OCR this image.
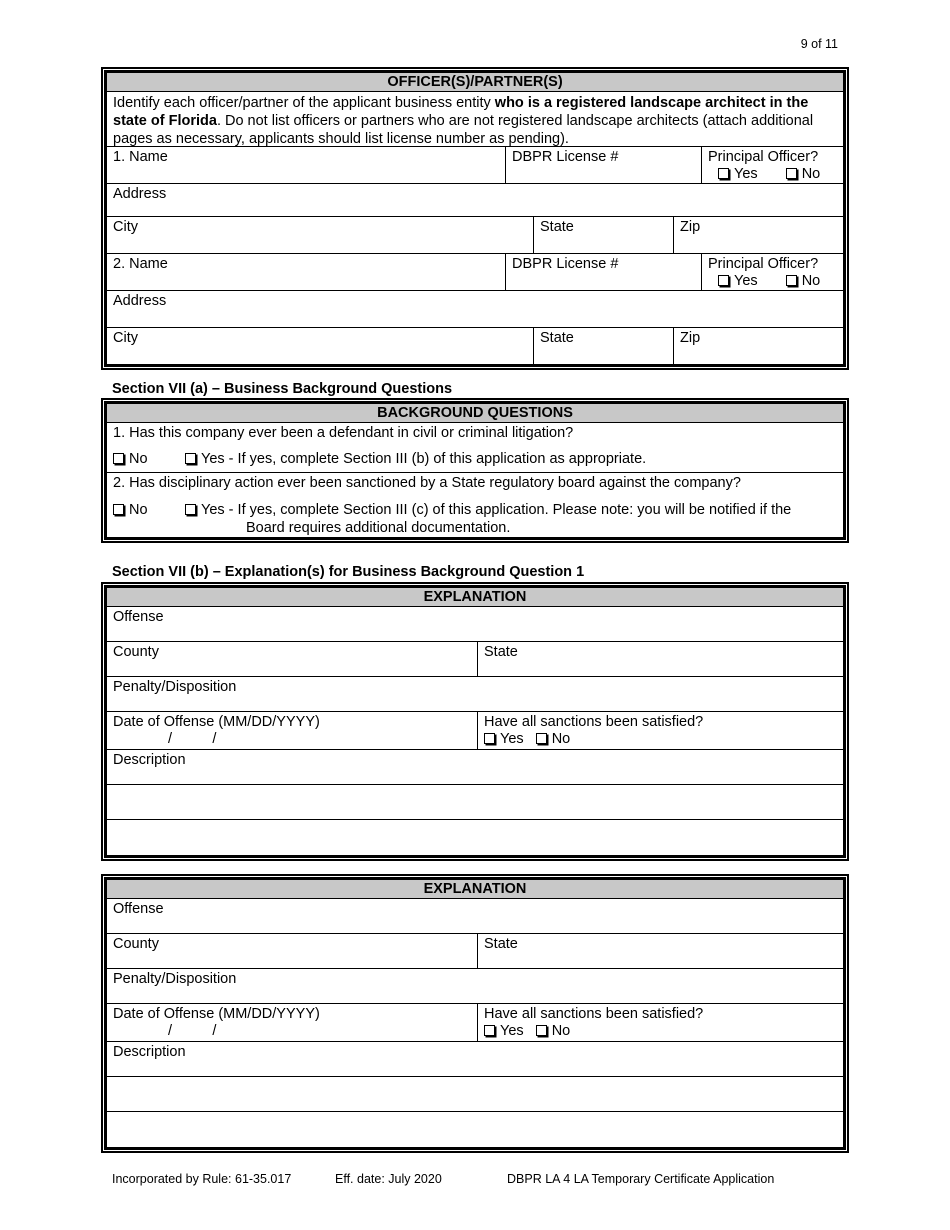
9 of 11
OFFICER(S)/PARTNER(S)
Identify each officer/partner of the applicant business entity who is a registered landscape architect in the state of Florida. Do not list officers or partners who are not registered landscape architects (attach additional pages as necessary, applicants should list license number as pending).
1. Name	DBPR License #	Principal Officer?
Yes	No
Address
City	State	Zip
2. Name	DBPR License #	Principal Officer?
Yes	No
Address
City	State	Zip
Section VII (a) – Business Background Questions
BACKGROUND QUESTIONS
1. Has this company ever been a defendant in civil or criminal litigation?
No	Yes - If yes, complete Section III (b) of this application as appropriate.
2. Has disciplinary action ever been sanctioned by a State regulatory board against the company?
No	Yes - If yes, complete Section III (c) of this application. Please note: you will be notified if the
Board requires additional documentation.
Section VII (b) – Explanation(s) for Business Background Question 1
EXPLANATION
Offense
County	State
Penalty/Disposition
Date of Offense (MM/DD/YYYY)
/          /
Have all sanctions been satisfied?
Yes No
Description
EXPLANATION
Offense
County	State
Penalty/Disposition
Date of Offense (MM/DD/YYYY)
/          /
Have all sanctions been satisfied?
Yes No
Description
Incorporated by Rule: 61-35.017	Eff. date: July 2020	DBPR LA 4 LA Temporary Certificate Application
